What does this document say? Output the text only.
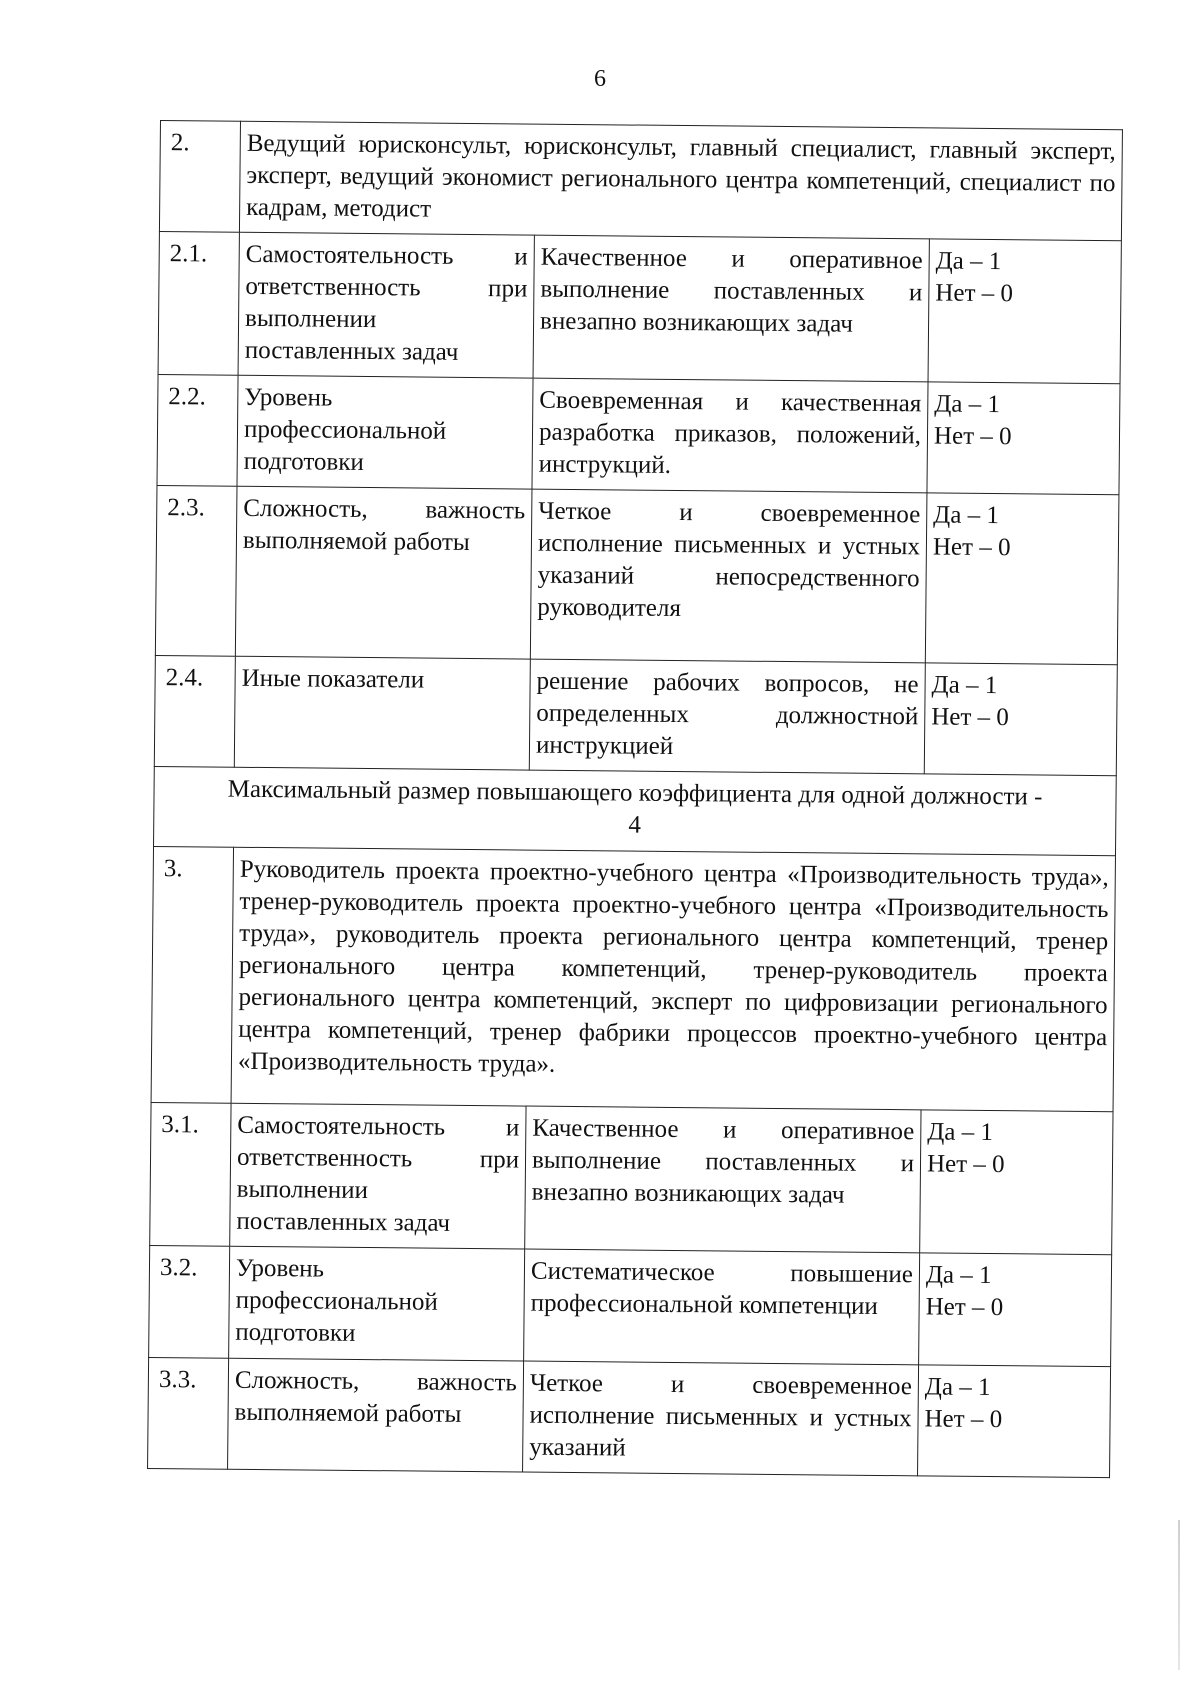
6
2.	Ведущий юрисконсульт, юрисконсульт, главный специалист, главный эксперт, эксперт, ведущий экономист регионального центра компетенций, специалист по кадрам, методист		
2.1.	Самостоятельность и ответственность при выполнении поставленных задач	Качественное и оперативное выполнение поставленных и внезапно возникающих задач	Да – 1
Нет – 0

2.2.	Уровень профессиональной подготовки	Своевременная и качественная разработка приказов, положений, инструкций.	Да – 1
Нет – 0

2.3.	Сложность, важность выполняемой работы	Четкое и своевременное исполнение письменных и устных указаний непосредственного руководителя	Да – 1
Нет – 0

2.4.	Иные показатели	решение рабочих вопросов, не определенных должностной инструкцией	Да – 1
Нет – 0

Максимальный размер повышающего коэффициента для одной должности -
4			

3.	Руководитель проекта проектно-учебного центра «Производительность труда», тренер-руководитель проекта проектно-учебного центра «Производительность труда», руководитель проекта регионального центра компетенций, тренер регионального центра компетенций, тренер-руководитель проекта регионального центра компетенций, эксперт по цифровизации регионального центра компетенций, тренер фабрики процессов проектно-учебного центра «Производительность труда».		
3.1.	Самостоятельность и ответственность при выполнении поставленных задач	Качественное и оперативное выполнение поставленных и внезапно возникающих задач	Да – 1
Нет – 0

3.2.	Уровень профессиональной подготовки	Систематическое повышение профессиональной компетенции	Да – 1
Нет – 0

3.3.	Сложность, важность выполняемой работы	Четкое и своевременное исполнение письменных и устных указаний	Да – 1
Нет – 0
